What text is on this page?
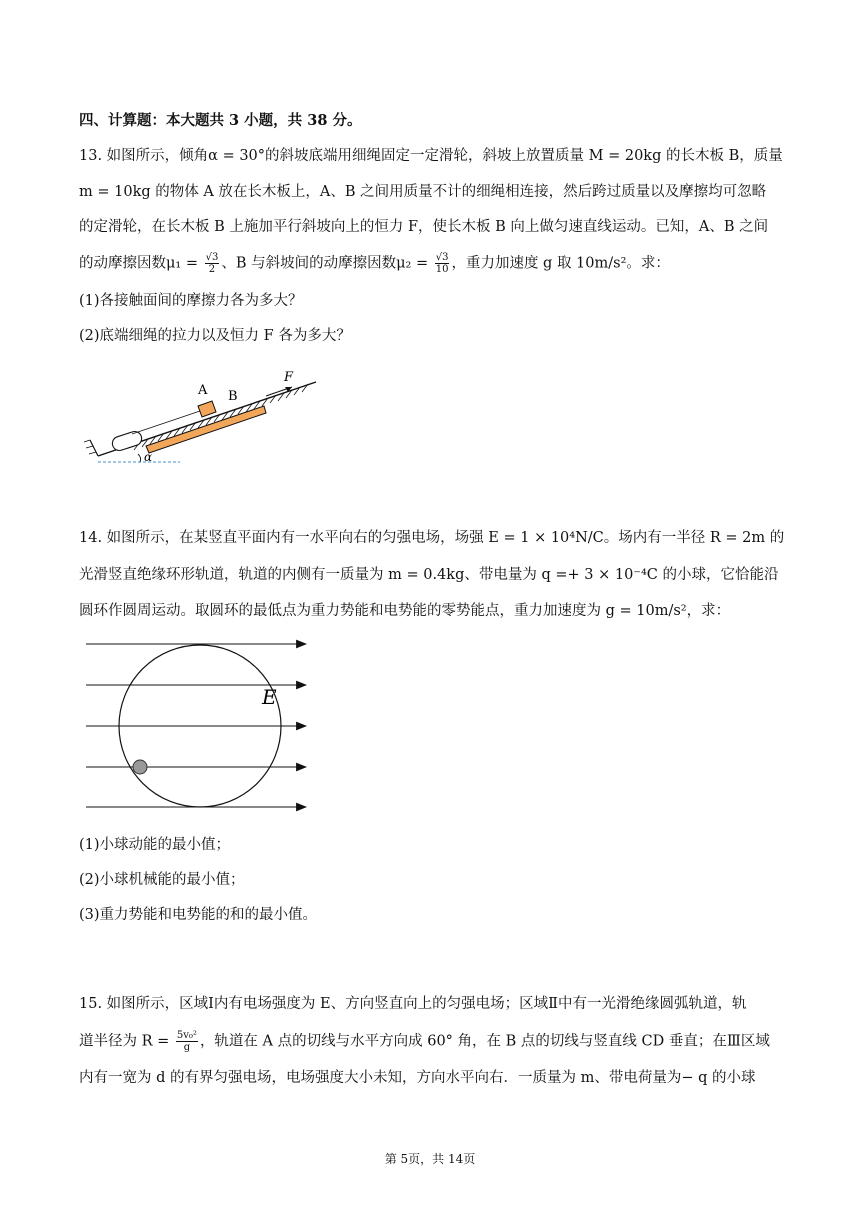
四、计算题：本大题共 3 小题，共 38 分。
13. 如图所示，倾角α = 30°的斜坡底端用细绳固定一定滑轮，斜坡上放置质量 M = 20kg 的长木板 B，质量
m = 10kg 的物体 A 放在长木板上，A、B 之间用质量不计的细绳相连接，然后跨过质量以及摩擦均可忽略
的定滑轮，在长木板 B 上施加平行斜坡向上的恒力 F，使长木板 B 向上做匀速直线运动。已知，A、B 之间
的动摩擦因数$\mu_1 = \frac{√3}{2}$ 、B 与斜坡间的动摩擦因数$\mu_2 = \frac{√3}{10}$ ，重力加速度 g 取 10m/s²。求：
(1)各接触面间的摩擦力各为多大？
(2)底端细绳的拉力以及恒力 F 各为多大？
A B
F
α
14. 如图所示，在某竖直平面内有一水平向右的匀强电场，场强 E = 1 × 10⁴N/C。场内有一半径 R = 2m 的
光滑竖直绝缘环形轨道，轨道的内侧有一质量为 m = 0.4kg、带电量为 q =+ 3 × 10⁻⁴C 的小球，它恰能沿
圆环作圆周运动。取圆环的最低点为重力势能和电势能的零势能点，重力加速度为 g = 10m/s²，求：
E
(1)小球动能的最小值；
(2)小球机械能的最小值；
(3)重力势能和电势能的和的最小值。
15. 如图所示，区域Ⅰ内有电场强度为 E、方向竖直向上的匀强电场；区域Ⅱ中有一光滑绝缘圆弧轨道，轨
道半径为 $R = \frac{\text{5v₀²}}{g}$ ，轨道在 A 点的切线与水平方向成 60° 角，在 B 点的切线与竖直线 CD 垂直；在Ⅲ区域
内有一宽为 d 的有界匀强电场，电场强度大小未知，方向水平向右．一质量为 m、带电荷量为− q 的小球
第 5页，共 14页
